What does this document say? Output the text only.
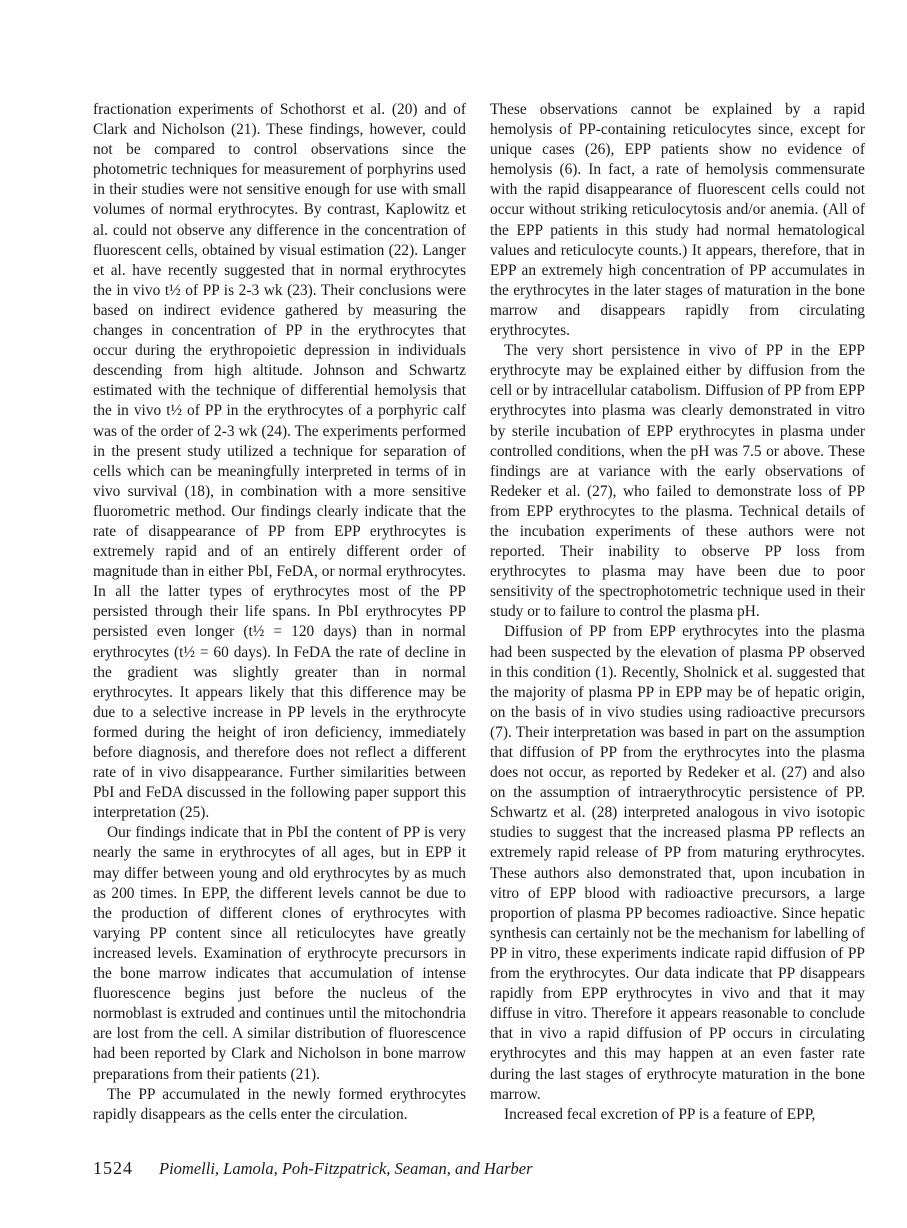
fractionation experiments of Schothorst et al. (20) and of Clark and Nicholson (21). These findings, however, could not be compared to control observations since the photometric techniques for measurement of porphyrins used in their studies were not sensitive enough for use with small volumes of normal erythrocytes. By contrast, Kaplowitz et al. could not observe any difference in the concentration of fluorescent cells, obtained by visual estimation (22). Langer et al. have recently suggested that in normal erythrocytes the in vivo t½ of PP is 2-3 wk (23). Their conclusions were based on indirect evidence gathered by measuring the changes in concentration of PP in the erythrocytes that occur during the erythropoietic depression in individuals descending from high altitude. Johnson and Schwartz estimated with the technique of differential hemolysis that the in vivo t½ of PP in the erythrocytes of a porphyric calf was of the order of 2-3 wk (24). The experiments performed in the present study utilized a technique for separation of cells which can be meaningfully interpreted in terms of in vivo survival (18), in combination with a more sensitive fluorometric method. Our findings clearly indicate that the rate of disappearance of PP from EPP erythrocytes is extremely rapid and of an entirely different order of magnitude than in either PbI, FeDA, or normal erythrocytes. In all the latter types of erythrocytes most of the PP persisted through their life spans. In PbI erythrocytes PP persisted even longer (t½ = 120 days) than in normal erythrocytes (t½ = 60 days). In FeDA the rate of decline in the gradient was slightly greater than in normal erythrocytes. It appears likely that this difference may be due to a selective increase in PP levels in the erythrocyte formed during the height of iron deficiency, immediately before diagnosis, and therefore does not reflect a different rate of in vivo disappearance. Further similarities between PbI and FeDA discussed in the following paper support this interpretation (25).

Our findings indicate that in PbI the content of PP is very nearly the same in erythrocytes of all ages, but in EPP it may differ between young and old erythrocytes by as much as 200 times. In EPP, the different levels cannot be due to the production of different clones of erythrocytes with varying PP content since all reticulocytes have greatly increased levels. Examination of erythrocyte precursors in the bone marrow indicates that accumulation of intense fluorescence begins just before the nucleus of the normoblast is extruded and continues until the mitochondria are lost from the cell. A similar distribution of fluorescence had been reported by Clark and Nicholson in bone marrow preparations from their patients (21).

The PP accumulated in the newly formed erythrocytes rapidly disappears as the cells enter the circulation.

These observations cannot be explained by a rapid hemolysis of PP-containing reticulocytes since, except for unique cases (26), EPP patients show no evidence of hemolysis (6). In fact, a rate of hemolysis commensurate with the rapid disappearance of fluorescent cells could not occur without striking reticulocytosis and/or anemia. (All of the EPP patients in this study had normal hematological values and reticulocyte counts.) It appears, therefore, that in EPP an extremely high concentration of PP accumulates in the erythrocytes in the later stages of maturation in the bone marrow and disappears rapidly from circulating erythrocytes.

The very short persistence in vivo of PP in the EPP erythrocyte may be explained either by diffusion from the cell or by intracellular catabolism. Diffusion of PP from EPP erythrocytes into plasma was clearly demonstrated in vitro by sterile incubation of EPP erythrocytes in plasma under controlled conditions, when the pH was 7.5 or above. These findings are at variance with the early observations of Redeker et al. (27), who failed to demonstrate loss of PP from EPP erythrocytes to the plasma. Technical details of the incubation experiments of these authors were not reported. Their inability to observe PP loss from erythrocytes to plasma may have been due to poor sensitivity of the spectrophotometric technique used in their study or to failure to control the plasma pH.

Diffusion of PP from EPP erythrocytes into the plasma had been suspected by the elevation of plasma PP observed in this condition (1). Recently, Sholnick et al. suggested that the majority of plasma PP in EPP may be of hepatic origin, on the basis of in vivo studies using radioactive precursors (7). Their interpretation was based in part on the assumption that diffusion of PP from the erythrocytes into the plasma does not occur, as reported by Redeker et al. (27) and also on the assumption of intraerythrocytic persistence of PP. Schwartz et al. (28) interpreted analogous in vivo isotopic studies to suggest that the increased plasma PP reflects an extremely rapid release of PP from maturing erythrocytes. These authors also demonstrated that, upon incubation in vitro of EPP blood with radioactive precursors, a large proportion of plasma PP becomes radioactive. Since hepatic synthesis can certainly not be the mechanism for labelling of PP in vitro, these experiments indicate rapid diffusion of PP from the erythrocytes. Our data indicate that PP disappears rapidly from EPP erythrocytes in vivo and that it may diffuse in vitro. Therefore it appears reasonable to conclude that in vivo a rapid diffusion of PP occurs in circulating erythrocytes and this may happen at an even faster rate during the last stages of erythrocyte maturation in the bone marrow.

Increased fecal excretion of PP is a feature of EPP,

1524 Piomelli, Lamola, Poh-Fitzpatrick, Seaman, and Harber
